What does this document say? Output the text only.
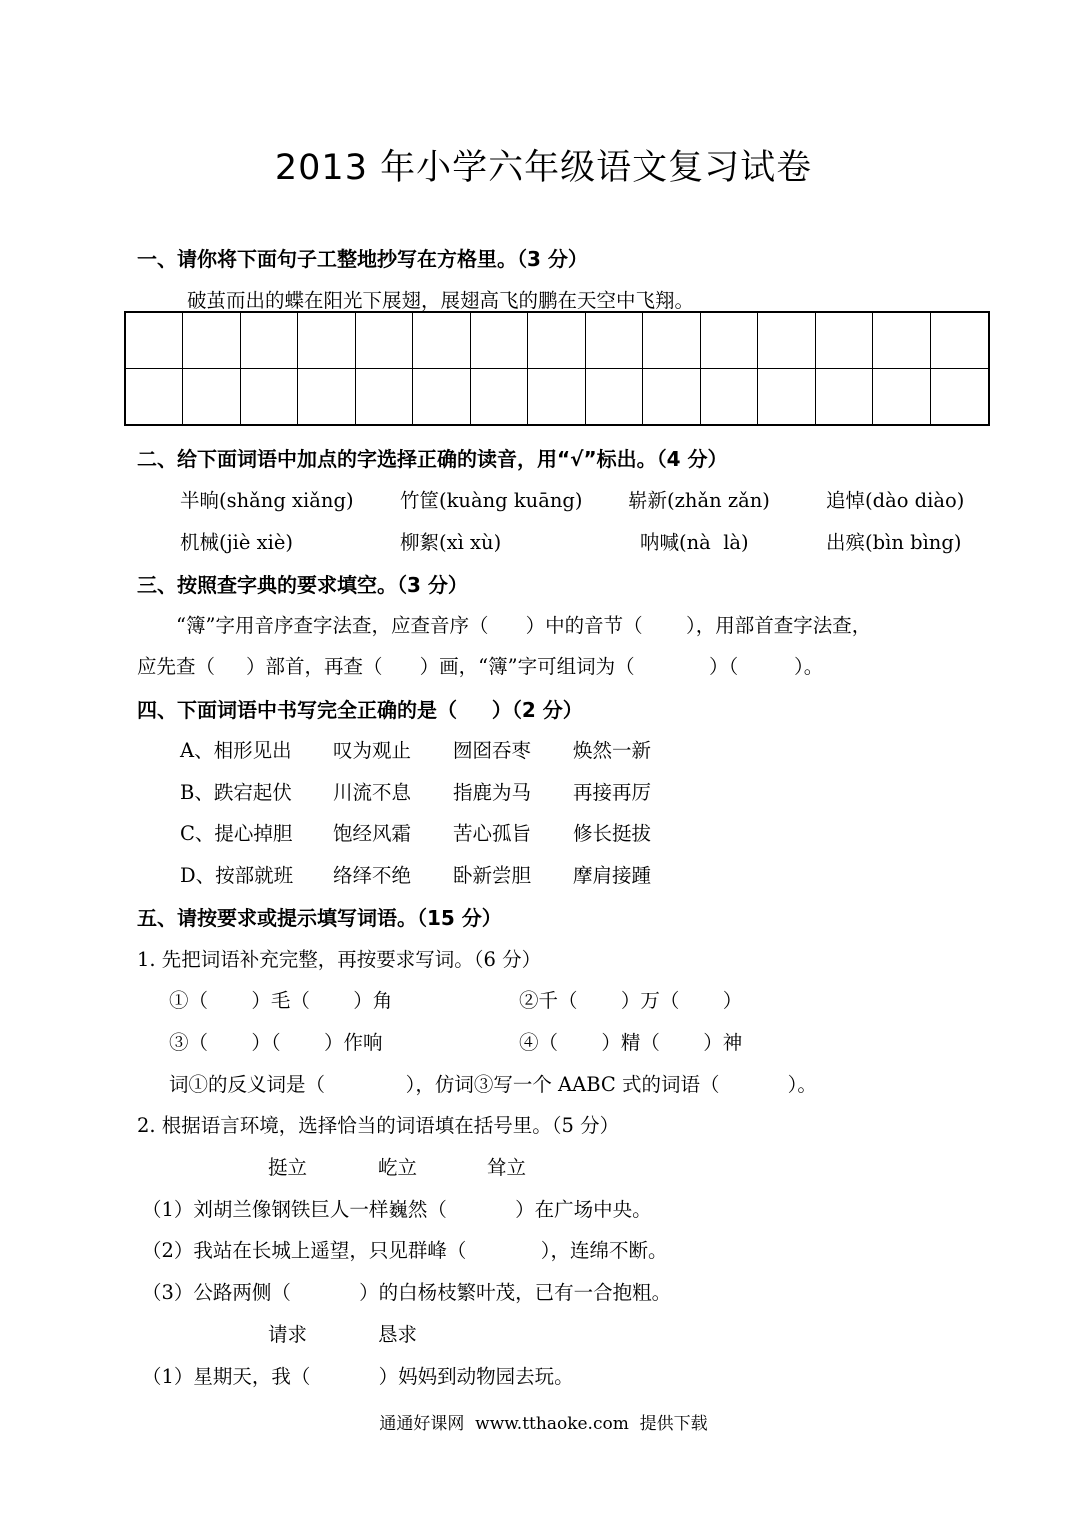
2013 年小学六年级语文复习试卷
一、请你将下面句子工整地抄写在方格里。（3 分）
破茧而出的蝶在阳光下展翅，展翅高飞的鹏在天空中飞翔。
二、给下面词语中加点的字选择正确的读音，用“√”标出。（4 分）
半晌(shǎng xiǎng) 竹筐(kuàng kuāng) 崭新(zhǎn zǎn)	追悼(dào diào)
机械(jiè xiè)	柳絮(xì xù)	呐喊(nà  là)	出殡(bìn bìng)
三、按照查字典的要求填空。（3 分）
“簿”字用音序查字法查，应查音序（      ）中的音节（       ），用部首查字法查，
应先查（     ）部首，再查（      ）画，“簿”字可组词为（            ）（         ）。
四、下面词语中书写完全正确的是（     ）（2 分）
A、相形见出 叹为观止 囫囵吞枣 焕然一新
B、跌宕起伏 川流不息 指鹿为马 再接再厉
C、提心掉胆 饱经风霜 苦心孤旨 修长挺拔
D、按部就班 络绎不绝 卧新尝胆 摩肩接踵
五、请按要求或提示填写词语。（15 分）
1. 先把词语补充完整，再按要求写词。（6 分）
①（       ）毛（       ）角	②千（       ）万（       ）
③（       ）（       ）作响	④（       ）精（       ）神
词①的反义词是（             ），仿词③写一个 AABC 式的词语（           ）。
2. 根据语言环境，选择恰当的词语填在括号里。（5 分）
挺立	屹立	耸立
（1）刘胡兰像钢铁巨人一样巍然（           ）在广场中央。
（2）我站在长城上遥望，只见群峰（            ），连绵不断。
（3）公路两侧（           ）的白杨枝繁叶茂，已有一合抱粗。
请求	恳求
（1）星期天，我（           ）妈妈到动物园去玩。
通通好课网  www.tthaoke.com  提供下载
